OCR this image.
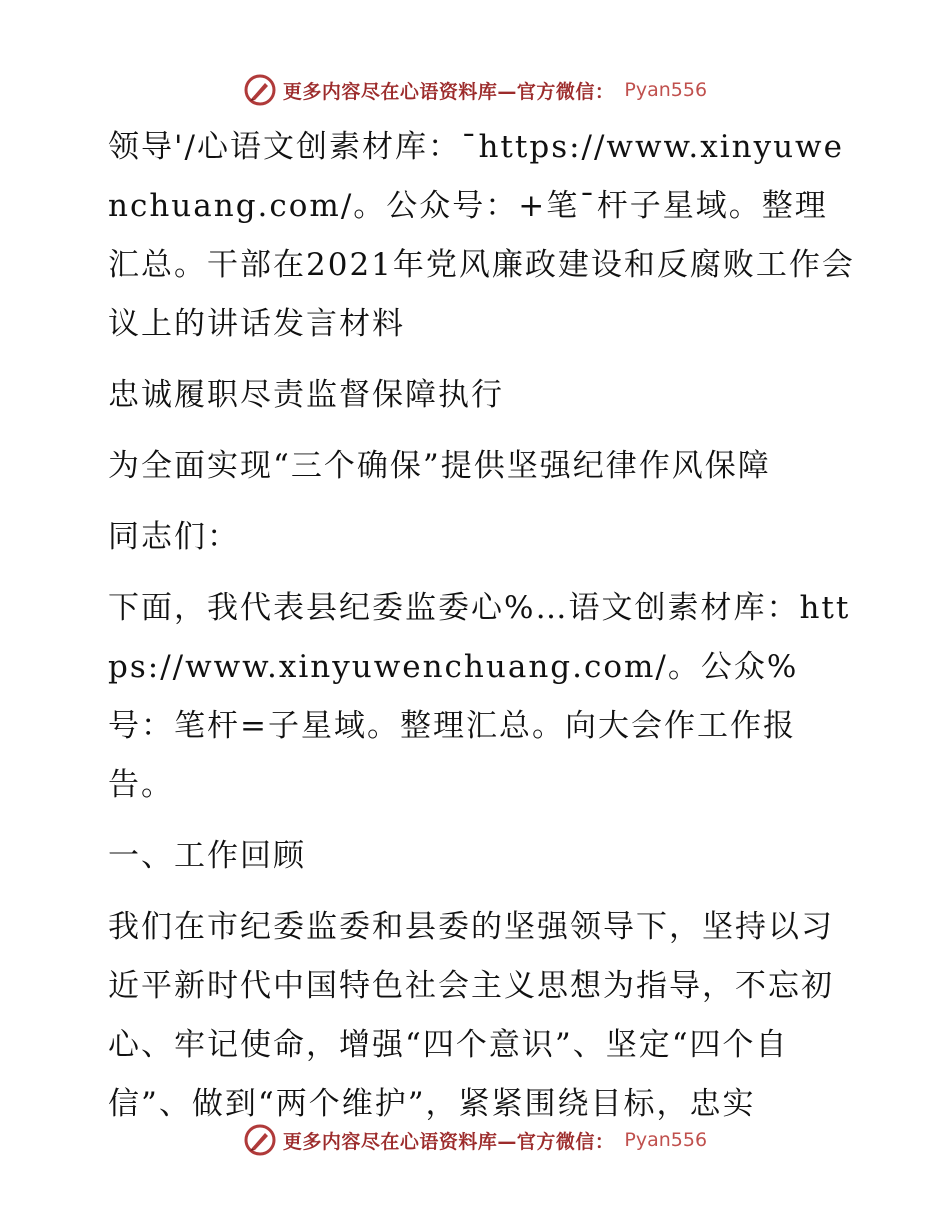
更多内容尽在心语资料库—官方微信： Pyan556

领导'/心语文创素材库：¯https://www.xinyuwenchuang.com/。公众号：+笔¯杆子星域。整理汇总。干部在2021年党风廉政建设和反腐败工作会议上的讲话发言材料

忠诚履职尽责监督保障执行

为全面实现“三个确保”提供坚强纪律作风保障

同志们：

下面，我代表县纪委监委心%…语文创素材库：https://www.xinyuwenchuang.com/。公众%号：笔杆=子星域。整理汇总。向大会作工作报告。

一、工作回顾

我们在市纪委监委和县委的坚强领导下，坚持以习近平新时代中国特色社会主义思想为指导，不忘初心、牢记使命，增强“四个意识”、坚定“四个自信”、做到“两个维护”，紧紧围绕目标，忠实

更多内容尽在心语资料库—官方微信： Pyan556
